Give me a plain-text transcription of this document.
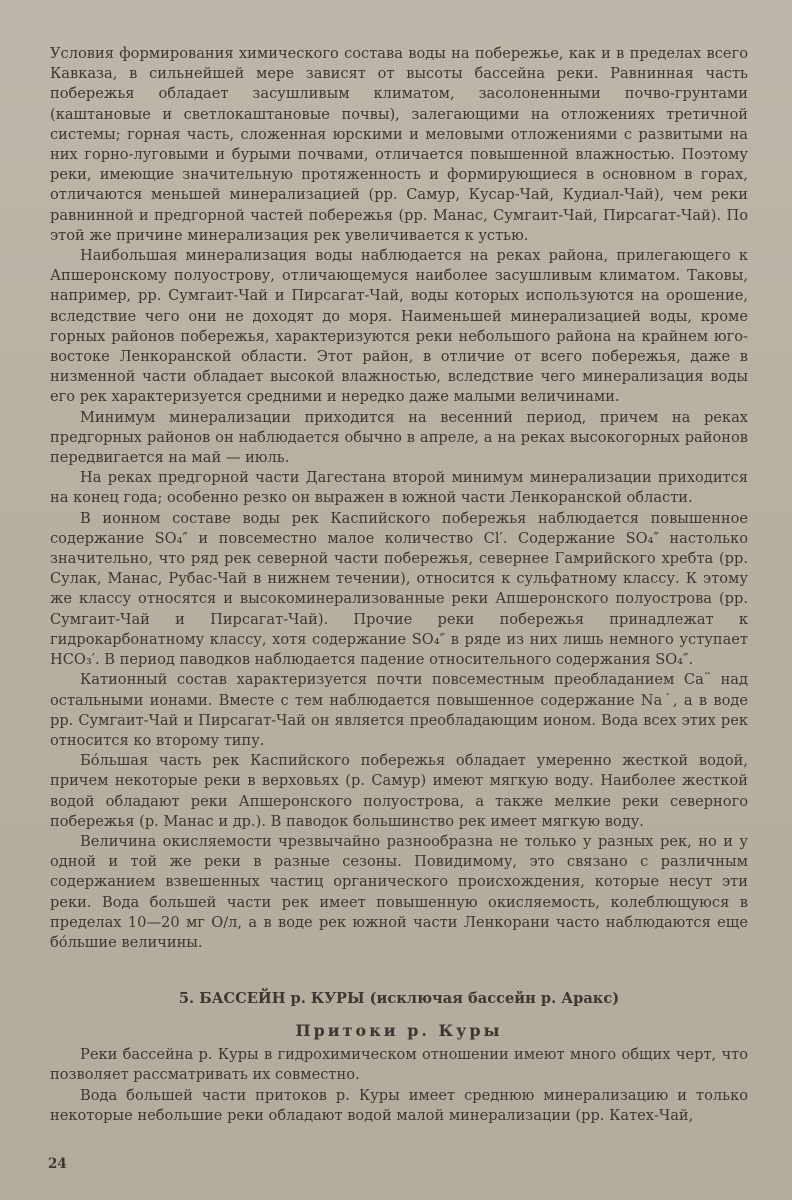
Условия формирования химического состава воды на побережье, как и в пределах всего Кавказа, в сильнейшей мере зависят от высоты бассейна реки. Равнинная часть побережья обладает засушливым климатом, засолоненными почво-грунтами (каштановые и светлокаштановые почвы), залегающими на отложениях третичной системы; горная часть, сложенная юрскими и меловыми отложениями с развитыми на них горно-луговыми и бурыми почвами, отличается повышенной влажностью. Поэтому реки, имеющие значительную протяженность и формирующиеся в основном в горах, отличаются меньшей минерализацией (рр. Самур, Кусар-Чай, Кудиал-Чай), чем реки равнинной и предгорной частей побережья (рр. Манас, Сумгаит-Чай, Пирсагат-Чай). По этой же причине минерализация рек увеличивается к устью.

Наибольшая минерализация воды наблюдается на реках района, прилегающего к Апшеронскому полуострову, отличающемуся наиболее засушливым климатом. Таковы, например, рр. Сумгаит-Чай и Пирсагат-Чай, воды которых используются на орошение, вследствие чего они не доходят до моря. Наименьшей минерализацией воды, кроме горных районов побережья, характеризуются реки небольшого района на крайнем юго-востоке Ленкоранской области. Этот район, в отличие от всего побережья, даже в низменной части обладает высокой влажностью, вследствие чего минерализация воды его рек характеризуется средними и нередко даже малыми величинами.

Минимум минерализации приходится на весенний период, причем на реках предгорных районов он наблюдается обычно в апреле, а на реках высокогорных районов передвигается на май — июль.

На реках предгорной части Дагестана второй минимум минерализации приходится на конец года; особенно резко он выражен в южной части Ленкоранской области.

В ионном составе воды рек Каспийского побережья наблюдается повышенное содержание SO₄″ и повсеместно малое количество Cl′. Содержание SO₄″ настолько значительно, что ряд рек северной части побережья, севернее Гамрийского хребта (рр. Сулак, Манас, Рубас-Чай в нижнем течении), относится к сульфатному классу. К этому же классу относятся и высокоминерализованные реки Апшеронского полуострова (рр. Сумгаит-Чай и Пирсагат-Чай). Прочие реки побережья принадлежат к гидрокарбонатному классу, хотя содержание SO₄″ в ряде из них лишь немного уступает HCO₃′. В период паводков наблюдается падение относительного содержания SO₄″.

Катионный состав характеризуется почти повсеместным преобладанием Ca¨ над остальными ионами. Вместе с тем наблюдается повышенное содержание Na˙, а в воде рр. Сумгаит-Чай и Пирсагат-Чай он является преобладающим ионом. Вода всех этих рек относится ко второму типу.

Бо́льшая часть рек Каспийского побережья обладает умеренно жесткой водой, причем некоторые реки в верховьях (р. Самур) имеют мягкую воду. Наиболее жесткой водой обладают реки Апшеронского полуострова, а также мелкие реки северного побережья (р. Манас и др.). В паводок большинство рек имеет мягкую воду.

Величина окисляемости чрезвычайно разнообразна не только у разных рек, но и у одной и той же реки в разные сезоны. Повидимому, это связано с различным содержанием взвешенных частиц органического происхождения, которые несут эти реки. Вода большей части рек имеет повышенную окисляемость, колеблющуюся в пределах 10—20 мг О/л, а в воде рек южной части Ленкорани часто наблюдаются еще бо́льшие величины.

5. БАССЕЙН р. КУРЫ (исключая бассейн р. Аракс)
Притоки р. Куры

Реки бассейна р. Куры в гидрохимическом отношении имеют много общих черт, что позволяет рассматривать их совместно.

Вода большей части притоков р. Куры имеет среднюю минерализацию и только некоторые небольшие реки обладают водой малой минерализации (рр. Катех-Чай,

24
